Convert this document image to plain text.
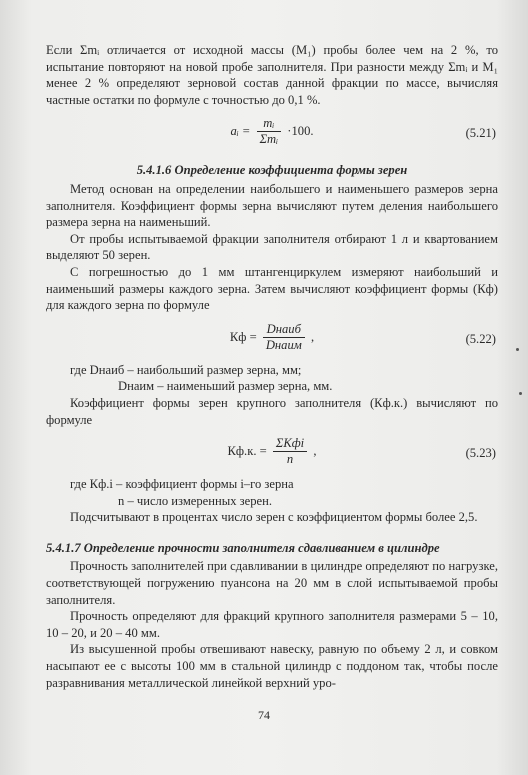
Если Σmᵢ отличается от исходной массы (M₁) пробы более чем на 2 %, то испытание повторяют на новой пробе заполнителя. При разности между Σmᵢ и M₁ менее 2 % определяют зерновой состав данной фракции по массе, вычисляя частные остатки по формуле с точностью до 0,1 %.

aᵢ = $\frac{\text{mᵢ}}{\text{Σmᵢ}} \cdot 100$.	(5.21)
5.4.1.6 Определение коэффициента формы зерен

Метод основан на определении наибольшего и наименьшего размеров зерна заполнителя. Коэффициент формы зерна вычисляют путем деления наибольшего размера зерна на наименьший.

От пробы испытываемой фракции заполнителя отбирают 1 л и квартованием выделяют 50 зерен.

С погрешностью до 1 мм штангенциркулем измеряют наибольший и наименьший размеры каждого зерна. Затем вычисляют коэффициент формы (Кф) для каждого зерна по формуле

Кф = $\frac{\text{Dнаиб}}{\text{Dнаим}}$ ,	(5.22)

где Dнаиб – наибольший размер зерна, мм;

Dнаим – наименьший размер зерна, мм.

Коэффициент формы зерен крупного заполнителя (Кф.к.) вычисляют по формуле

Кф.к. = $\frac{\text{ΣКфi}}{n}$ ,	(5.23)

где Кф.i – коэффициент формы i–го зерна

n – число измеренных зерен.

Подсчитывают в процентах число зерен с коэффициентом формы более 2,5.

5.4.1.7 Определение прочности заполнителя сдавливанием в цилиндре

Прочность заполнителей при сдавливании в цилиндре определяют по нагрузке, соответствующей погружению пуансона на 20 мм в слой испытываемой пробы заполнителя.

Прочность определяют для фракций крупного заполнителя размерами 5 – 10, 10 – 20, и 20 – 40 мм.

Из высушенной пробы отвешивают навеску, равную по объему 2 л, и совком насыпают ее с высоты 100 мм в стальной цилиндр с поддоном так, чтобы после разравнивания металлической линейкой верхний уро-

74
